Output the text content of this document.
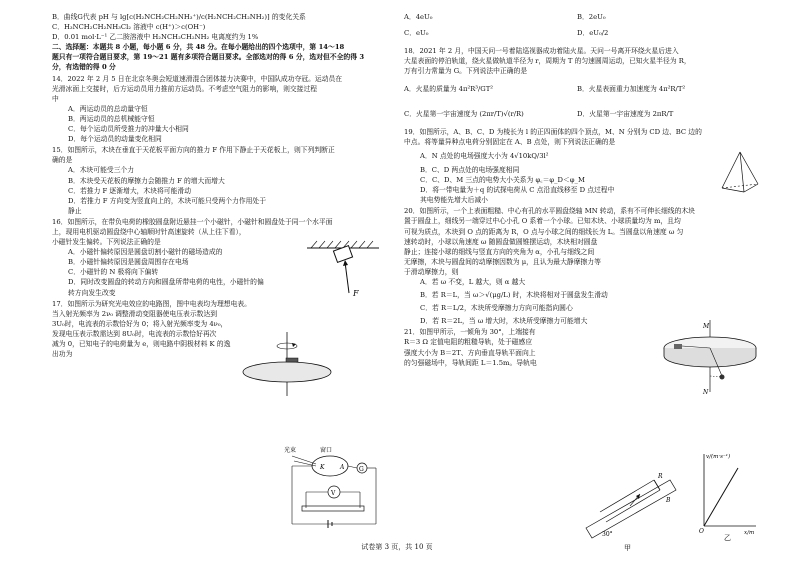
B．曲线G代表 pH 与 lg[c(H₂NCH₂CH₂NH₃⁺)/c(H₂NCH₂CH₂NH₂)] 的变化关系
C．H₃NCH₂CH₂NH₃Cl₂ 溶液中 c(H⁺)＞c(OH⁻)
D．0.01 mol·L⁻¹ 乙二胺溶液中 H₂NCH₂CH₂NH₂ 电离度约为 1%
二、选择题：本题共 8 小题，每小题 6 分，共 48 分。在每小题给出的四个选项中，第 14～18
题只有一项符合题目要求，第 19～21 题有多项符合题目要求。全部选对的得 6 分，选对但不全的得 3
分，有选错的得 0 分
14．2022 年 2 月 5 日在北京冬奥会短道速滑混合团体接力决赛中，中国队成功夺冠。运动员在
光滑冰面上交接时，后方运动员用力推前方运动员。不考虑空气阻力的影响，则交接过程
中
A．两运动员的总动量守恒
B．两运动员的总机械能守恒
C．每个运动员所受推力的冲量大小相同
D．每个运动员的动量变化相同
15．如图所示，木块在垂直于天花板平面方向的推力 F 作用下静止于天花板上，则下列判断正
确的是
A．木块可能受三个力
B．木块受天花板的摩擦力会随推力 F 的增大而增大
C．若推力 F 逐渐增大，木块将可能滑动
D．若推力 F 方向变为竖直向上的，木块可能只受两个力作用处于
静止
16．如图所示，在带负电荷的橡胶圆盘附近悬挂一个小磁针，小磁针和圆盘处于同一个水平面
上，现用电机驱动圆盘绕中心轴顺时针高速旋转（从上往下看），
小磁针发生偏转。下列说法正确的是
A．小磁针偏转原因是圆盘切割小磁针的磁场造成的
B．小磁针偏转原因是圆盘周围存在电场
C．小磁针的 N 极将向下偏转
D．同时改变圆盘的转动方向和圆盘所带电荷的电性，小磁针的偏
转方向发生改变
17．如图所示为研究光电效应的电路图，图中电表均为理想电表。
当入射光频率为 2ν₀ 调整滑动变阻器使电压表示数达到
3U₀时，电流表的示数恰好为 0；将入射光频率变为 4ν₀，
发现电压表示数需达到 8U₀时，电流表的示数恰好再次
减为 0，已知电子的电荷量为 e，则电路中阴极材料 K 的逸
出功为
F
光束	窗口
K	A G
V
A．4eU₀	B．2eU₀
C．eU₀	D．eU₀/2
18．2021 年 2 月，中国天问一号着陆巡视器成功着陆火星。天问一号离开环绕火星后进入
大星表面的停泊轨道，绕火星做轨道半径为 r，周期为 T 的匀速圆周运动，已知火星半径为 R，
万有引力常量为 G。下列说法中正确的是
A．火星的质量为 4π²R³/GT²	B．火星表面重力加速度为 4π²R/T²
C．火星第一宇宙速度为 (2πr/T)√(r/R)	D．火星第一宇宙速度为 2πR/T
19．如图所示，A、B、C、D 为棱长为 l 的正四面体的四个顶点，M、N 分别为 CD 边、BC 边的
中点。将等量异种点电荷分别固定在 A、B 点处，则下列说法正确的是
A．N 点处的电场强度大小为 4√10kQ/3l²
B．C、D 两点处的电场强度相同
C．C、D、M 三点的电势大小关系为 φ꜀＝φ_D＜φ_M
D．将一带电量为＋q 的试探电荷从 C 点沿直线移至 D 点过程中
其电势能先增大后减小
20．如图所示，一个上表面粗糙、中心有孔的水平圆盘绕轴 MN 转动，系有不可伸长细线的木块
置于圆盘上，细线另一端穿过中心小孔 O 系着一个小球。已知木块、小球质量均为 m，且均
可视为质点，木块到 O 点的距离为 R，O 点与小球之间的细线长为 L。当圆盘以角速度 ω 匀
速转动时，小球以角速度 ω 随圆盘做圆锥摆运动，木块相对圆盘
静止；连接小球的细线与竖直方向的夹角为 α，小孔与细线之间
无摩擦，木块与圆盘间的动摩擦因数为 μ，且认为最大静摩擦力等
于滑动摩擦力，则
A．若 ω 不变，L 越大，则 α 越大
B．若 R＝L，当 ω＞√(μg/L) 时，木块将相对于圆盘发生滑动
C．若 R＝L/2，木块所受摩擦力方向可能指向圆心
D．若 R＝2L，当 ω 增大时，木块所受摩擦力可能增大
21．如图甲所示，一倾角为 30°，上端接有
R＝3 Ω 定值电阻的粗糙导轨，处于磁感应
强度大小为 B＝2T、方向垂直导轨平面向上
的匀强磁场中，导轨间距 L＝1.5m。导轨电
M
N
R
B
30°
甲
v/(m·s⁻¹)
x/m
O
乙
试卷第 3 页，共 10 页
